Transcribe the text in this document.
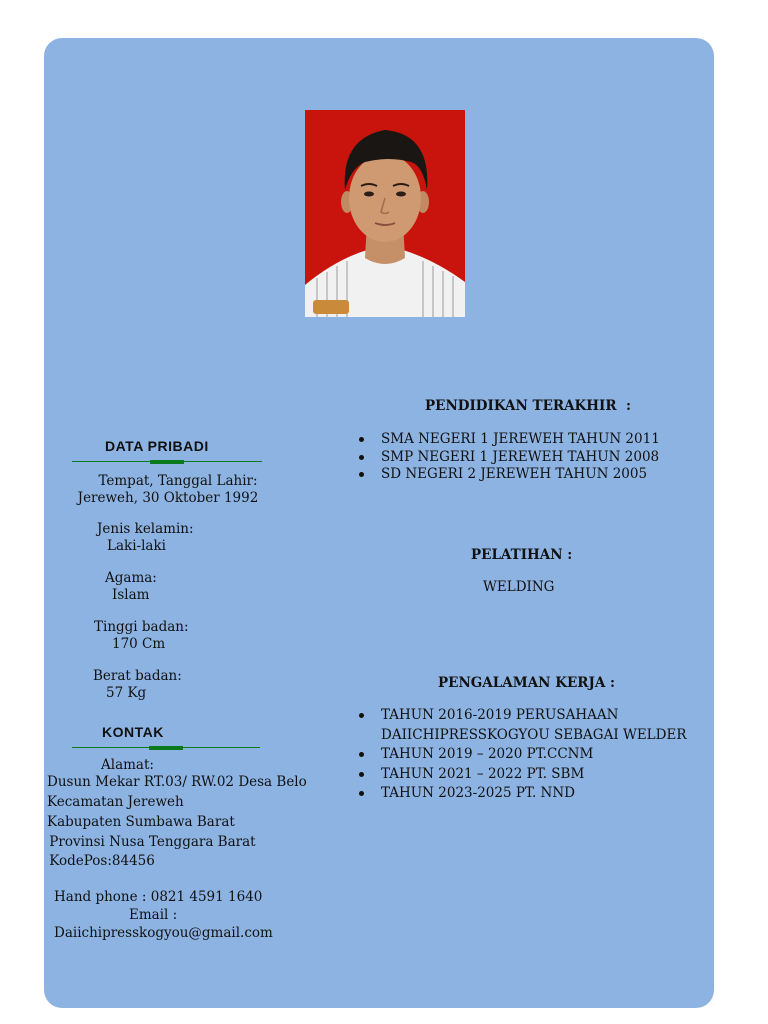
DATA PRIBADI
Tempat, Tanggal Lahir:
Jereweh, 30 Oktober 1992
Jenis kelamin:
Laki-laki
Agama:
Islam
Tinggi badan:
170 Cm
Berat badan:
57 Kg
KONTAK
Alamat:
Dusun Mekar RT.03/ RW.02 Desa Belo
Kecamatan Jereweh
Kabupaten Sumbawa Barat
Provinsi Nusa Tenggara Barat
KodePos:84456
Hand phone : 0821 4591 1640
Email :
Daiichipresskogyou@gmail.com
PENDIDIKAN TERAKHIR  :
SMA NEGERI 1 JEREWEH TAHUN 2011
SMP NEGERI 1 JEREWEH TAHUN 2008
SD NEGERI 2 JEREWEH TAHUN 2005
PELATIHAN :
WELDING
PENGALAMAN KERJA :
TAHUN 2016-2019 PERUSAHAAN
DAIICHIPRESSKOGYOU SEBAGAI WELDER
TAHUN 2019 – 2020 PT.CCNM
TAHUN 2021 – 2022 PT. SBM
TAHUN 2023-2025 PT. NND
